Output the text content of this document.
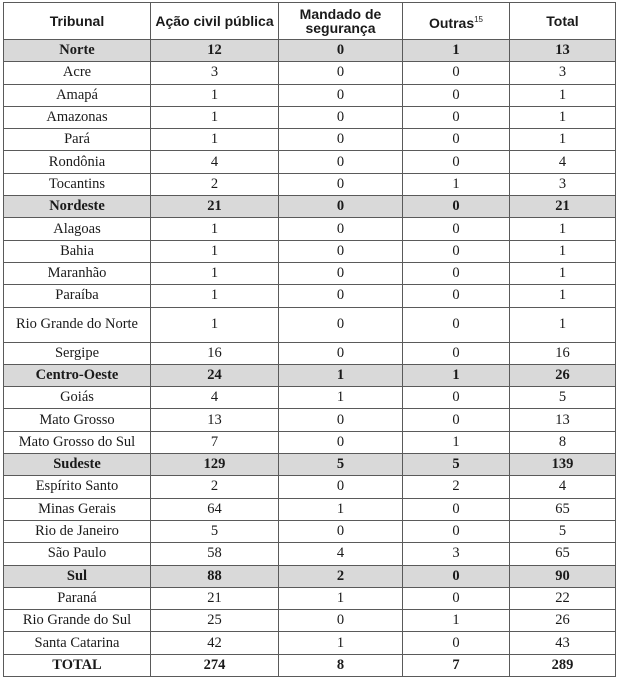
Tribunal	Ação civil pública	Mandado de segurança	Outras$^{15}$	Total
Norte	12	0	1	13
Acre	3	0	0	3
Amapá	1	0	0	1
Amazonas	1	0	0	1
Pará	1	0	0	1
Rondônia	4	0	0	4
Tocantins	2	0	1	3
Nordeste	21	0	0	21
Alagoas	1	0	0	1
Bahia	1	0	0	1
Maranhão	1	0	0	1
Paraíba	1	0	0	1
Rio Grande do Norte	1	0	0	1
Sergipe	16	0	0	16
Centro-Oeste	24	1	1	26
Goiás	4	1	0	5
Mato Grosso	13	0	0	13
Mato Grosso do Sul	7	0	1	8
Sudeste	129	5	5	139
Espírito Santo	2	0	2	4
Minas Gerais	64	1	0	65
Rio de Janeiro	5	0	0	5
São Paulo	58	4	3	65
Sul	88	2	0	90
Paraná	21	1	0	22
Rio Grande do Sul	25	0	1	26
Santa Catarina	42	1	0	43
TOTAL	274	8	7	289
